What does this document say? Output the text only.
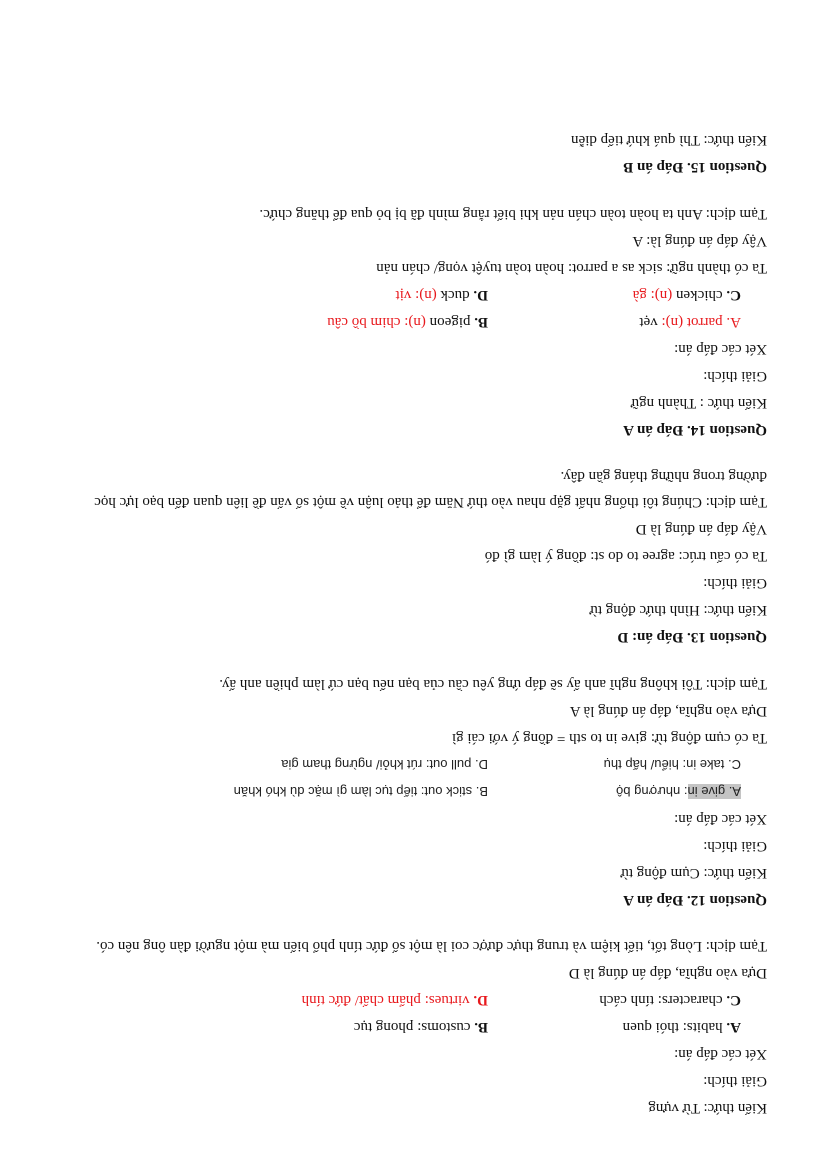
Kiến thức: Từ vựng
Giải thích:
Xét các đáp án:
A. habits: thói quen
B. customs: phong tục
C. characters: tính cách
D. virtues: phẩm chất/ đức tính
Dựa vào nghĩa, đáp án đúng là D
Tạm dịch: Lòng tốt, tiết kiệm và trung thực được coi là một số đức tính phổ biến mà một người đàn ông nên có.
Question 12. Đáp án A
Kiến thức: Cụm động từ
Giải thích:
Xét các đáp án:
A. give in: nhượng bộ
B. stick out: tiếp tục làm gì mặc dù khó khăn
C. take in: hiểu/ hấp thụ
D. pull out: rút khỏi/ ngừng tham gia
Ta có cụm động từ: give in to sth = đồng ý với cái gì
Dựa vào nghĩa, đáp án đúng là A
Tạm dịch: Tôi không nghĩ anh ấy sẽ đáp ứng yêu cầu của bạn nếu bạn cứ làm phiền anh ấy.
Question 13. Đáp án: D
Kiến thức: Hình thức động từ
Giải thích:
Ta có cấu trúc: agree to do st: đồng ý làm gì đó
Vậy đáp án đúng là D
Tạm dịch: Chúng tôi thống nhất gặp nhau vào thứ Năm để thảo luận về một số vấn đề liên quan đến bạo lực học đường trong những tháng gần đây.
Question 14. Đáp án A
Kiến thức : Thành ngữ
Giải thích:
Xét các đáp án:
A. parrot (n): vẹt
B. pigeon (n): chim bồ câu
C. chicken (n): gà
D. duck (n): vịt
Ta có thành ngữ: sick as a parrot: hoàn toàn tuyệt vọng/ chán nản
Vậy đáp án đúng là: A
Tạm dịch: Anh ta hoàn toàn chán nản khi biết rằng mình đã bị bỏ qua để thăng chức.
Question 15. Đáp án B
Kiến thức: Thì quá khứ tiếp diễn
